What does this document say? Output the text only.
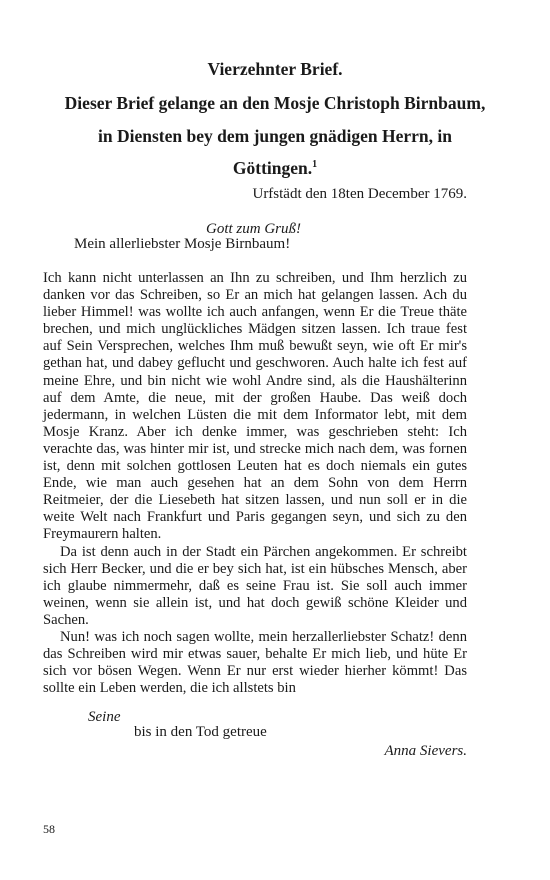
Vierzehnter Brief.
Dieser Brief gelange an den Mosje Christoph Birnbaum,
in Diensten bey dem jungen gnädigen Herrn, in
Göttingen.$^1$
Urfstädt den 18ten December 1769.
Gott zum Gruß!
Mein allerliebster Mosje Birnbaum!

Ich kann nicht unterlassen an Ihn zu schreiben, und Ihm herzlich zu danken vor das Schreiben, so Er an mich hat gelangen lassen. Ach du lieber Himmel! was wollte ich auch anfangen, wenn Er die Treue thäte brechen, und mich unglückliches Mädgen sitzen lassen. Ich traue fest auf Sein Versprechen, welches Ihm muß bewußt seyn, wie oft Er mir's gethan hat, und dabey geflucht und geschworen. Auch halte ich fest auf meine Ehre, und bin nicht wie wohl Andre sind, als die Haushälterinn auf dem Amte, die neue, mit der großen Haube. Das weiß doch jedermann, in welchen Lüsten die mit dem Informator lebt, mit dem Mosje Kranz. Aber ich denke immer, was geschrieben steht: Ich verachte das, was hinter mir ist, und strecke mich nach dem, was fornen ist, denn mit solchen gottlosen Leuten hat es doch niemals ein gutes Ende, wie man auch gesehen hat an dem Sohn von dem Herrn Reitmeier, der die Liesebeth hat sitzen lassen, und nun soll er in die weite Welt nach Frankfurt und Paris gegangen seyn, und sich zu den Freymaurern halten.

Da ist denn auch in der Stadt ein Pärchen angekommen. Er schreibt sich Herr Becker, und die er bey sich hat, ist ein hübsches Mensch, aber ich glaube nimmermehr, daß es seine Frau ist. Sie soll auch immer weinen, wenn sie allein ist, und hat doch gewiß schöne Kleider und Sachen.

Nun! was ich noch sagen wollte, mein herzallerliebster Schatz! denn das Schreiben wird mir etwas sauer, behalte Er mich lieb, und hüte Er sich vor bösen Wegen. Wenn Er nur erst wieder hierher kömmt! Das sollte ein Leben werden, die ich allstets bin

Seine
bis in den Tod getreue
Anna Sievers.
58
